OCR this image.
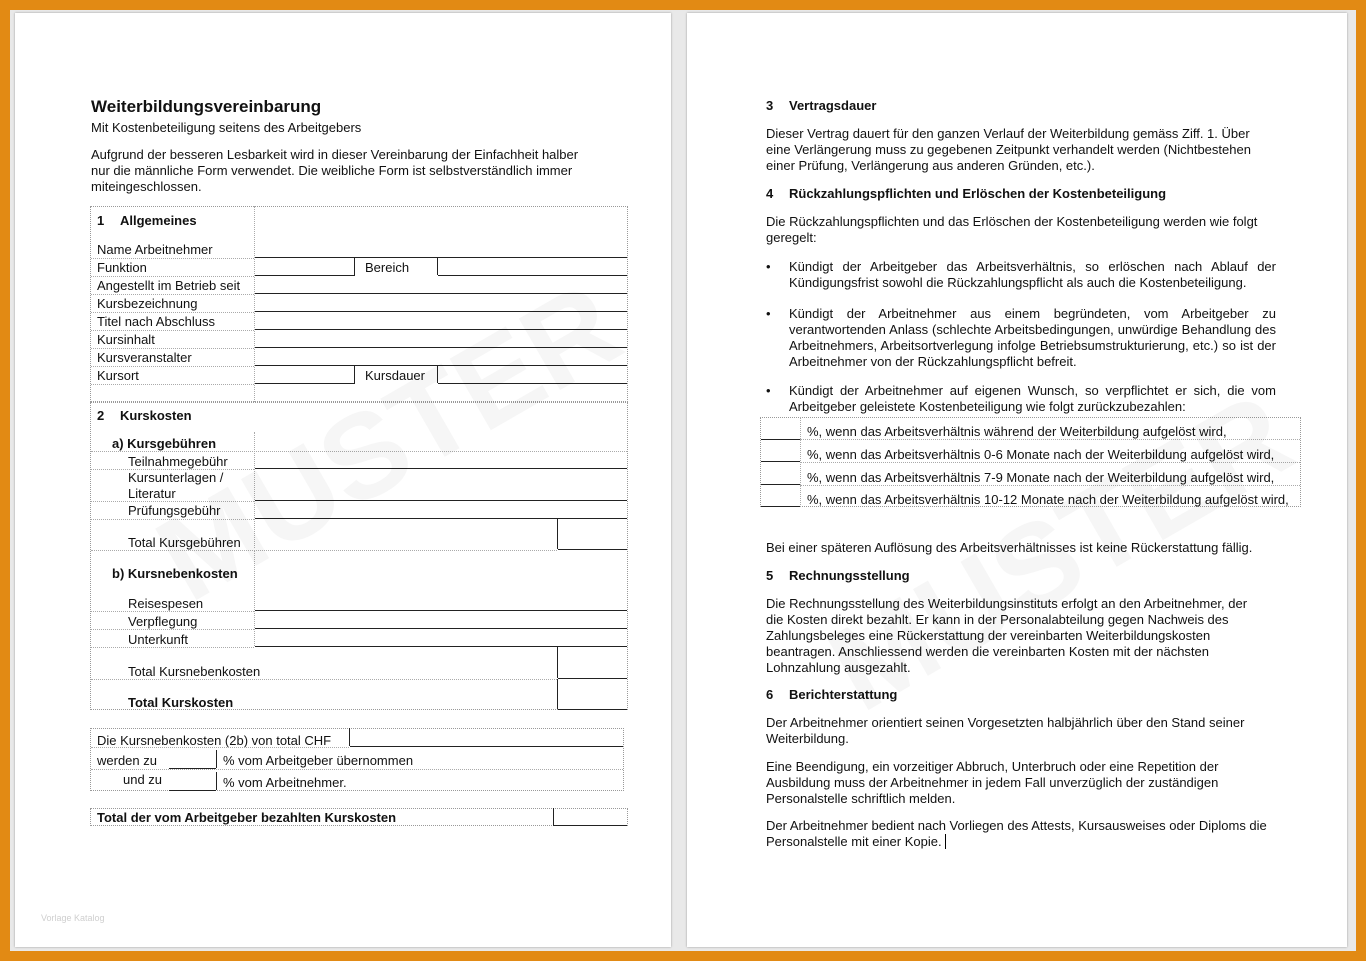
Weiterbildungsvereinbarung
Mit Kostenbeteiligung seitens des Arbeitgebers
Aufgrund der besseren Lesbarkeit wird in dieser Vereinbarung der Einfachheit halber nur die männliche Form verwendet. Die weibliche Form ist selbstverständlich immer miteingeschlossen.
1 Allgemeines
Name Arbeitnehmer
Funktion	Bereich
Angestellt im Betrieb seit
Kursbezeichnung
Titel nach Abschluss
Kursinhalt
Kursveranstalter
Kursort	Kursdauer
2 Kurskosten
a) Kursgebühren
Teilnahmegebühr
Kursunterlagen /
Literatur
Prüfungsgebühr
Total Kursgebühren
b) Kursnebenkosten
Reisespesen
Verpflegung
Unterkunft
Total Kursnebenkosten
Total Kurskosten
Die Kursnebenkosten (2b) von total CHF
werden zu	% vom Arbeitgeber übernommen
und zu	% vom Arbeitnehmer.
Total der vom Arbeitgeber bezahlten Kurskosten
Vorlage Katalog
3 Vertragsdauer
Dieser Vertrag dauert für den ganzen Verlauf der Weiterbildung gemäss Ziff. 1. Über eine Verlängerung muss zu gegebenen Zeitpunkt verhandelt werden (Nichtbestehen einer Prüfung, Verlängerung aus anderen Gründen, etc.).
4 Rückzahlungspflichten und Erlöschen der Kostenbeteiligung
Die Rückzahlungspflichten und das Erlöschen der Kostenbeteiligung werden wie folgt geregelt:
• Kündigt der Arbeitgeber das Arbeitsverhältnis, so erlöschen nach Ablauf der Kündigungsfrist sowohl die Rückzahlungspflicht als auch die Kostenbeteiligung.
• Kündigt der Arbeitnehmer aus einem begründeten, vom Arbeitgeber zu verantwortenden Anlass (schlechte Arbeitsbedingungen, unwürdige Behandlung des Arbeitnehmers, Arbeitsortverlegung infolge Betriebsumstrukturierung, etc.) so ist der Arbeitnehmer von der Rückzahlungspflicht befreit.
• Kündigt der Arbeitnehmer auf eigenen Wunsch, so verpflichtet er sich, die vom Arbeitgeber geleistete Kostenbeteiligung wie folgt zurückzubezahlen:
%, wenn das Arbeitsverhältnis während der Weiterbildung aufgelöst wird,
%, wenn das Arbeitsverhältnis 0-6 Monate nach der Weiterbildung aufgelöst wird,
%, wenn das Arbeitsverhältnis 7-9 Monate nach der Weiterbildung aufgelöst wird,
%, wenn das Arbeitsverhältnis 10-12 Monate nach der Weiterbildung aufgelöst wird,
Bei einer späteren Auflösung des Arbeitsverhältnisses ist keine Rückerstattung fällig.
5 Rechnungsstellung
Die Rechnungsstellung des Weiterbildungsinstituts erfolgt an den Arbeitnehmer, der die Kosten direkt bezahlt. Er kann in der Personalabteilung gegen Nachweis des Zahlungsbeleges eine Rückerstattung der vereinbarten Weiterbildungskosten beantragen. Anschliessend werden die vereinbarten Kosten mit der nächsten Lohnzahlung ausgezahlt.
6 Berichterstattung
Der Arbeitnehmer orientiert seinen Vorgesetzten halbjährlich über den Stand seiner Weiterbildung.
Eine Beendigung, ein vorzeitiger Abbruch, Unterbruch oder eine Repetition der Ausbildung muss der Arbeitnehmer in jedem Fall unverzüglich der zuständigen Personalstelle schriftlich melden.
Der Arbeitnehmer bedient nach Vorliegen des Attests, Kursausweises oder Diploms die Personalstelle mit einer Kopie.
